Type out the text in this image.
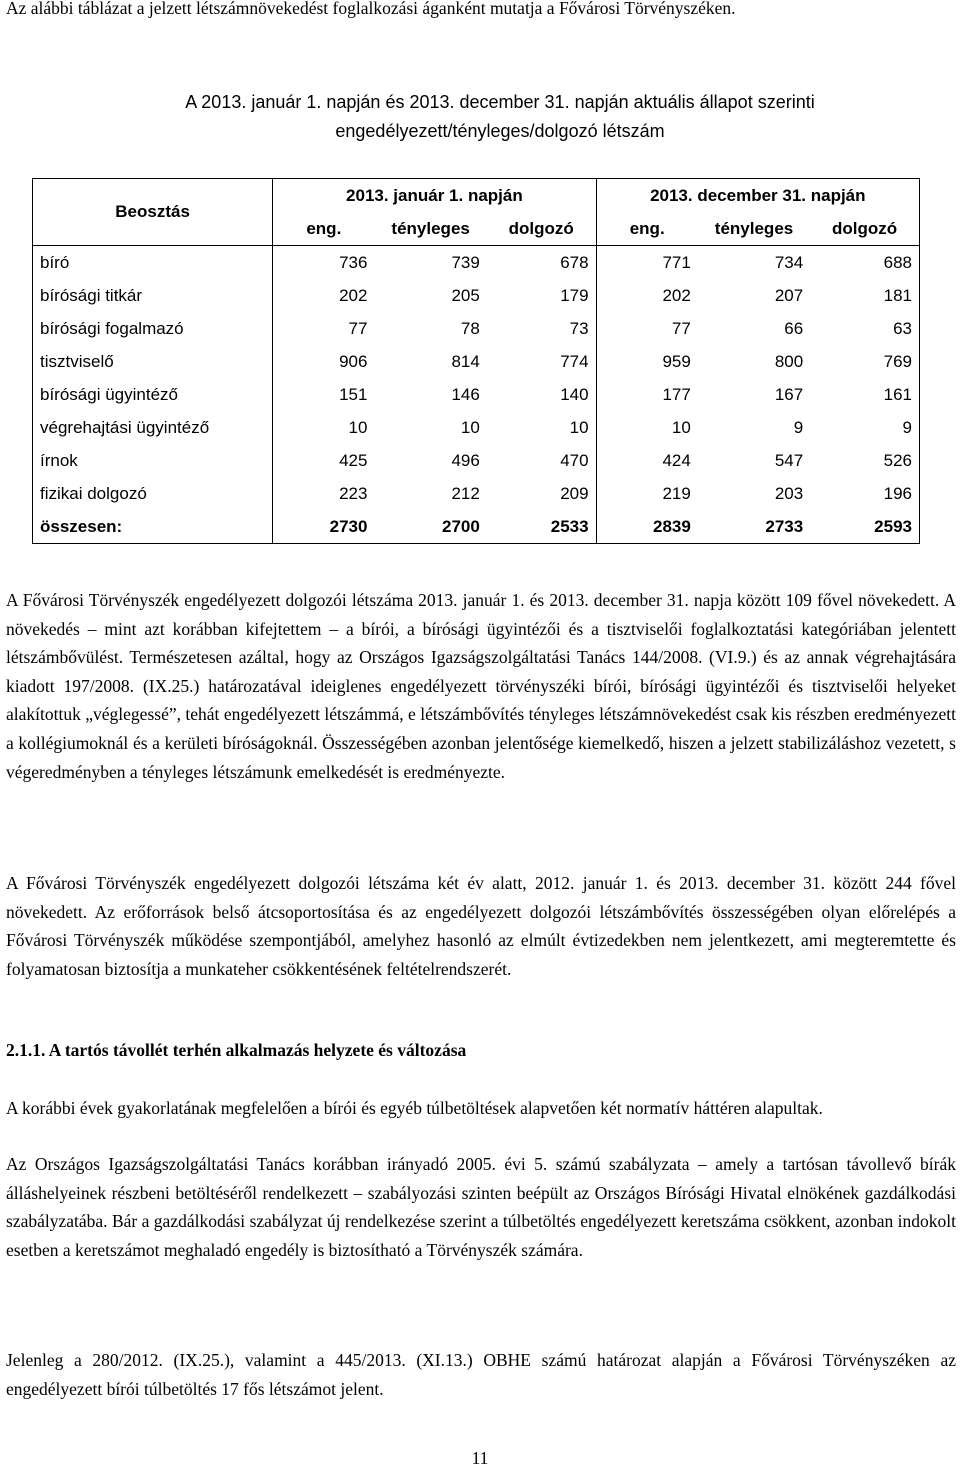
Az alábbi táblázat a jelzett létszámnövekedést foglalkozási áganként mutatja a Fővárosi Törvényszéken.

A 2013. január 1. napján és 2013. december 31. napján aktuális állapot szerinti
engedélyezett/tényleges/dolgozó létszám
Beosztás	2013. január 1. napján			2013. december 31. napján		
	eng.	tényleges	dolgozó	eng.	tényleges	dolgozó
bíró	736	739	678	771	734	688
bírósági titkár	202	205	179	202	207	181
bírósági fogalmazó	77	78	73	77	66	63
tisztviselő	906	814	774	959	800	769
bírósági ügyintéző	151	146	140	177	167	161
végrehajtási ügyintéző	10	10	10	10	9	9
írnok	425	496	470	424	547	526
fizikai dolgozó	223	212	209	219	203	196
összesen:	2730	2700	2533	2839	2733	2593

A Fővárosi Törvényszék engedélyezett dolgozói létszáma 2013. január 1. és 2013. december 31. napja között 109 fővel növekedett. A növekedés – mint azt korábban kifejtettem – a bírói, a bírósági ügyintézői és a tisztviselői foglalkoztatási kategóriában jelentett létszámbővülést. Természetesen azáltal, hogy az Országos Igazságszolgáltatási Tanács 144/2008. (VI.9.) és az annak végrehajtására kiadott 197/2008. (IX.25.) határozatával ideiglenes engedélyezett törvényszéki bírói, bírósági ügyintézői és tisztviselői helyeket alakítottuk „véglegessé”, tehát engedélyezett létszámmá, e létszámbővítés tényleges létszámnövekedést csak kis részben eredményezett a kollégiumoknál és a kerületi bíróságoknál. Összességében azonban jelentősége kiemelkedő, hiszen a jelzett stabilizáláshoz vezetett, s végeredményben a tényleges létszámunk emelkedését is eredményezte.

A Fővárosi Törvényszék engedélyezett dolgozói létszáma két év alatt, 2012. január 1. és 2013. december 31. között 244 fővel növekedett. Az erőforrások belső átcsoportosítása és az engedélyezett dolgozói létszámbővítés összességében olyan előrelépés a Fővárosi Törvényszék működése szempontjából, amelyhez hasonló az elmúlt évtizedekben nem jelentkezett, ami megteremtette és folyamatosan biztosítja a munkateher csökkentésének feltételrendszerét.

2.1.1. A tartós távollét terhén alkalmazás helyzete és változása

A korábbi évek gyakorlatának megfelelően a bírói és egyéb túlbetöltések alapvetően két normatív háttéren alapultak.

Az Országos Igazságszolgáltatási Tanács korábban irányadó 2005. évi 5. számú szabályzata – amely a tartósan távollevő bírák álláshelyeinek részbeni betöltéséről rendelkezett – szabályozási szinten beépült az Országos Bírósági Hivatal elnökének gazdálkodási szabályzatába. Bár a gazdálkodási szabályzat új rendelkezése szerint a túlbetöltés engedélyezett keretszáma csökkent, azonban indokolt esetben a keretszámot meghaladó engedély is biztosítható a Törvényszék számára.

Jelenleg a 280/2012. (IX.25.), valamint a 445/2013. (XI.13.) OBHE számú határozat alapján a Fővárosi Törvényszéken az engedélyezett bírói túlbetöltés 17 fős létszámot jelent.

11
